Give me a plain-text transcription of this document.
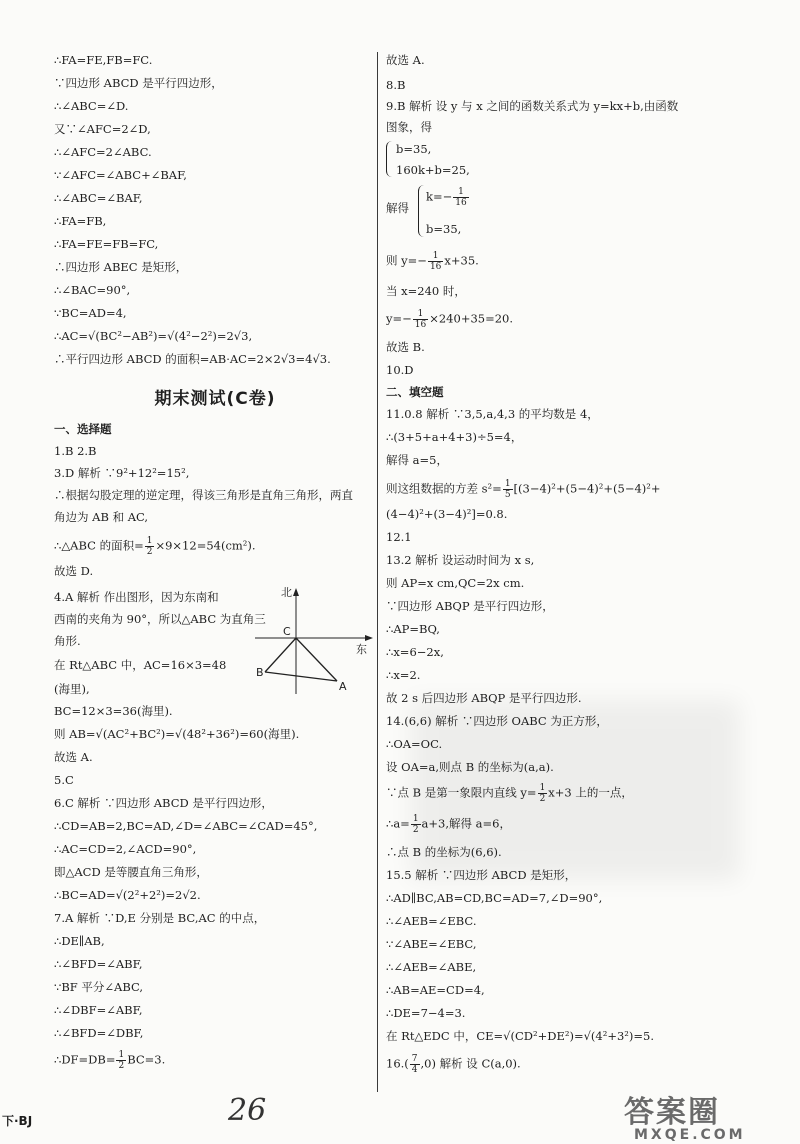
∴FA=FE,FB=FC.
∵四边形 ABCD 是平行四边形，
∴∠ABC=∠D.
又∵∠AFC=2∠D,
∴∠AFC=2∠ABC.
∵∠AFC=∠ABC+∠BAF,
∴∠ABC=∠BAF,
∴FA=FB,
∴FA=FE=FB=FC,
∴四边形 ABEC 是矩形，
∴∠BAC=90°,
∵BC=AD=4,
∴AC=√(BC²−AB²)=√(4²−2²)=2√3,
∴平行四边形 ABCD 的面积=AB·AC=2×2√3=4√3.
期末测试(C卷)
一、选择题
1.B 2.B
3.D 解析 ∵9²+12²=15²,
∴根据勾股定理的逆定理，得该三角形是直角三角形，两直
角边为 AB 和 AC,
∴△ABC 的面积= $\frac{1}{2} \times 9\times 12=54(cm^2)$.
故选 D.
4.A 解析 作出图形，因为东南和
西南的夹角为 90°，所以△ABC 为直角三
角形.
在 Rt△ABC 中，AC=16×3=48
(海里),
BC=12×3=36(海里).
则 AB=√(AC²+BC²)=√(48²+36²)=60(海里).
故选 A.
5.C
6.C 解析 ∵四边形 ABCD 是平行四边形，
∴CD=AB=2,BC=AD,∠D=∠ABC=∠CAD=45°,
∴AC=CD=2,∠ACD=90°,
即△ACD 是等腰直角三角形，
∴BC=AD=√(2²+2²)=2√2.
7.A 解析 ∵D,E 分别是 BC,AC 的中点，
∴DE∥AB,
∴∠BFD=∠ABF,
∵BF 平分∠ABC,
∴∠DBF=∠ABF,
∴∠BFD=∠DBF,
∴DF=DB= $\frac{1}{2} BC=3$.
北
东
C
B
A
故选 A.
8.B
9.B 解析 设 y 与 x 之间的函数关系式为 y=kx+b,由函数
图象，得
b=35,
160k+b=25,
解得
$k=- \frac{1}{16}$
b=35,
则 $y=- \frac{1}{16} x+35$.
当 x=240 时，
$y=- \frac{1}{16} \times 240+35=20$.
故选 B.
10.D
二、填空题
11.0.8 解析 ∵3,5,a,4,3 的平均数是 4，
∴(3+5+a+4+3)÷5=4，
解得 a=5，
则这组数据的方差 $s^2= \frac{1}{5} [(3-4)^2+(5-4)^2+(5-4)^2+$
(4−4)²+(3−4)²]=0.8.
12.1
13.2 解析 设运动时间为 x s,
则 AP=x cm,QC=2x cm.
∵四边形 ABQP 是平行四边形，
∴AP=BQ,
∴x=6−2x,
∴x=2.
故 2 s 后四边形 ABQP 是平行四边形.
14.(6,6) 解析 ∵四边形 OABC 为正方形，
∴OA=OC.
设 OA=a,则点 B 的坐标为(a,a).
∵点 B 是第一象限内直线 $y= \frac{1}{2} x+3$ 上的一点，
∴a= $\frac{1}{2} a+3$,解得 a=6，
∴点 B 的坐标为(6,6).
15.5 解析 ∵四边形 ABCD 是矩形，
∴AD∥BC,AB=CD,BC=AD=7,∠D=90°,
∴∠AEB=∠EBC.
∵∠ABE=∠EBC,
∴∠AEB=∠ABE,
∴AB=AE=CD=4,
∴DE=7−4=3.
在 Rt△EDC 中，CE=√(CD²+DE²)=√(4²+3²)=5.
$16.( \frac{7}{4} ,0)$ 解析 设 C(a,0).
下·BJ	26	答案圈
MXQE.COM
